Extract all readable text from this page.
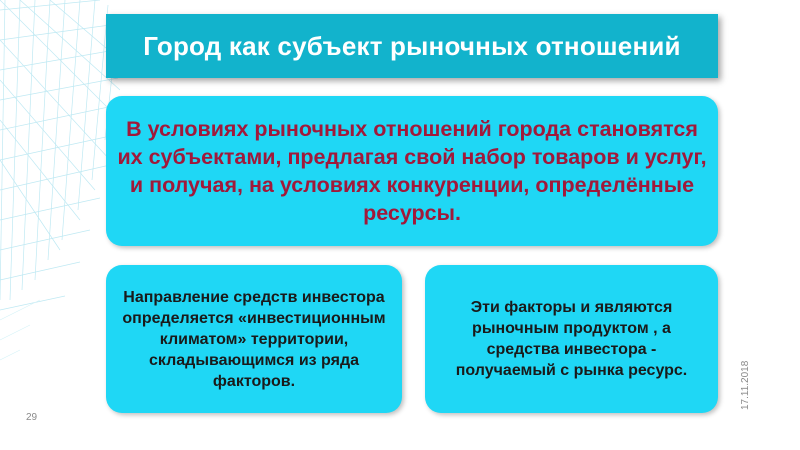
Город как субъект рыночных отношений
В условиях рыночных отношений города становятся их субъектами, предлагая свой набор товаров и услуг, и получая, на условиях конкуренции, определённые ресурсы.
Направление средств инвестора определяется «инвестиционным климатом» территории, складывающимся из ряда факторов.
Эти факторы и являются рыночным продуктом , а средства инвестора - получаемый с рынка ресурс.
29
17.11.2018
